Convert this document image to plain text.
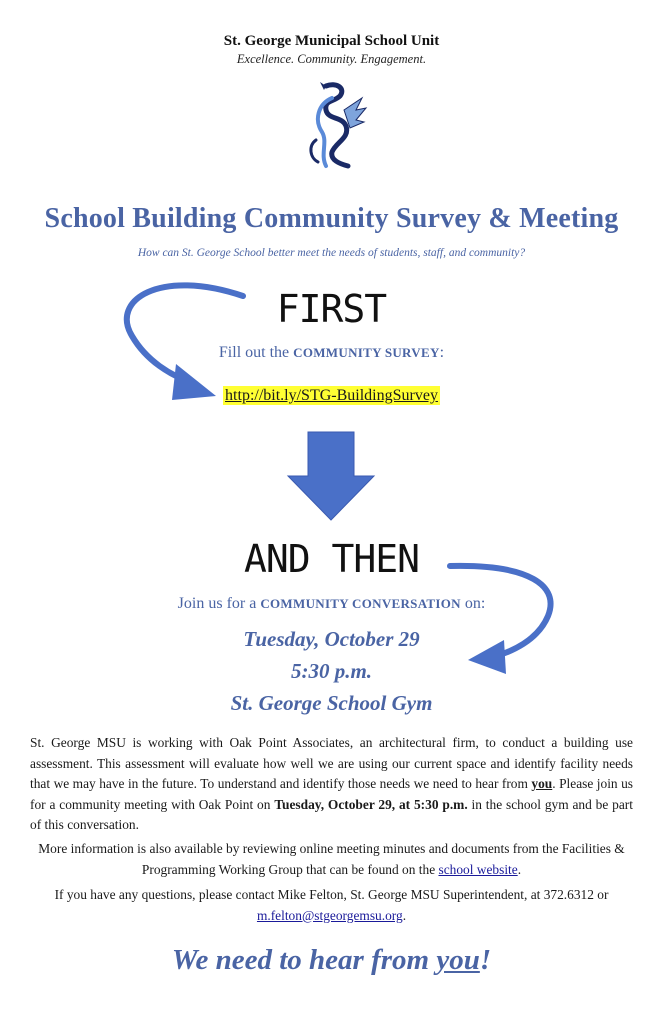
St. George Municipal School Unit
Excellence. Community. Engagement.
School Building Community Survey & Meeting
How can St. George School better meet the needs of students, staff, and community?
FIRST
Fill out the COMMUNITY SURVEY:
http://bit.ly/STG-BuildingSurvey
AND THEN
Join us for a COMMUNITY CONVERSATION on:
Tuesday, October 29
5:30 p.m.
St. George School Gym
St. George MSU is working with Oak Point Associates, an architectural firm, to conduct a building use assessment. This assessment will evaluate how well we are using our current space and identify facility needs that we may have in the future. To understand and identify those needs we need to hear from you. Please join us for a community meeting with Oak Point on Tuesday, October 29, at 5:30 p.m. in the school gym and be part of this conversation.
More information is also available by reviewing online meeting minutes and documents from the Facilities & Programming Working Group that can be found on the school website.
If you have any questions, please contact Mike Felton, St. George MSU Superintendent, at 372.6312 or m.felton@stgeorgemsu.org.
We need to hear from you!
